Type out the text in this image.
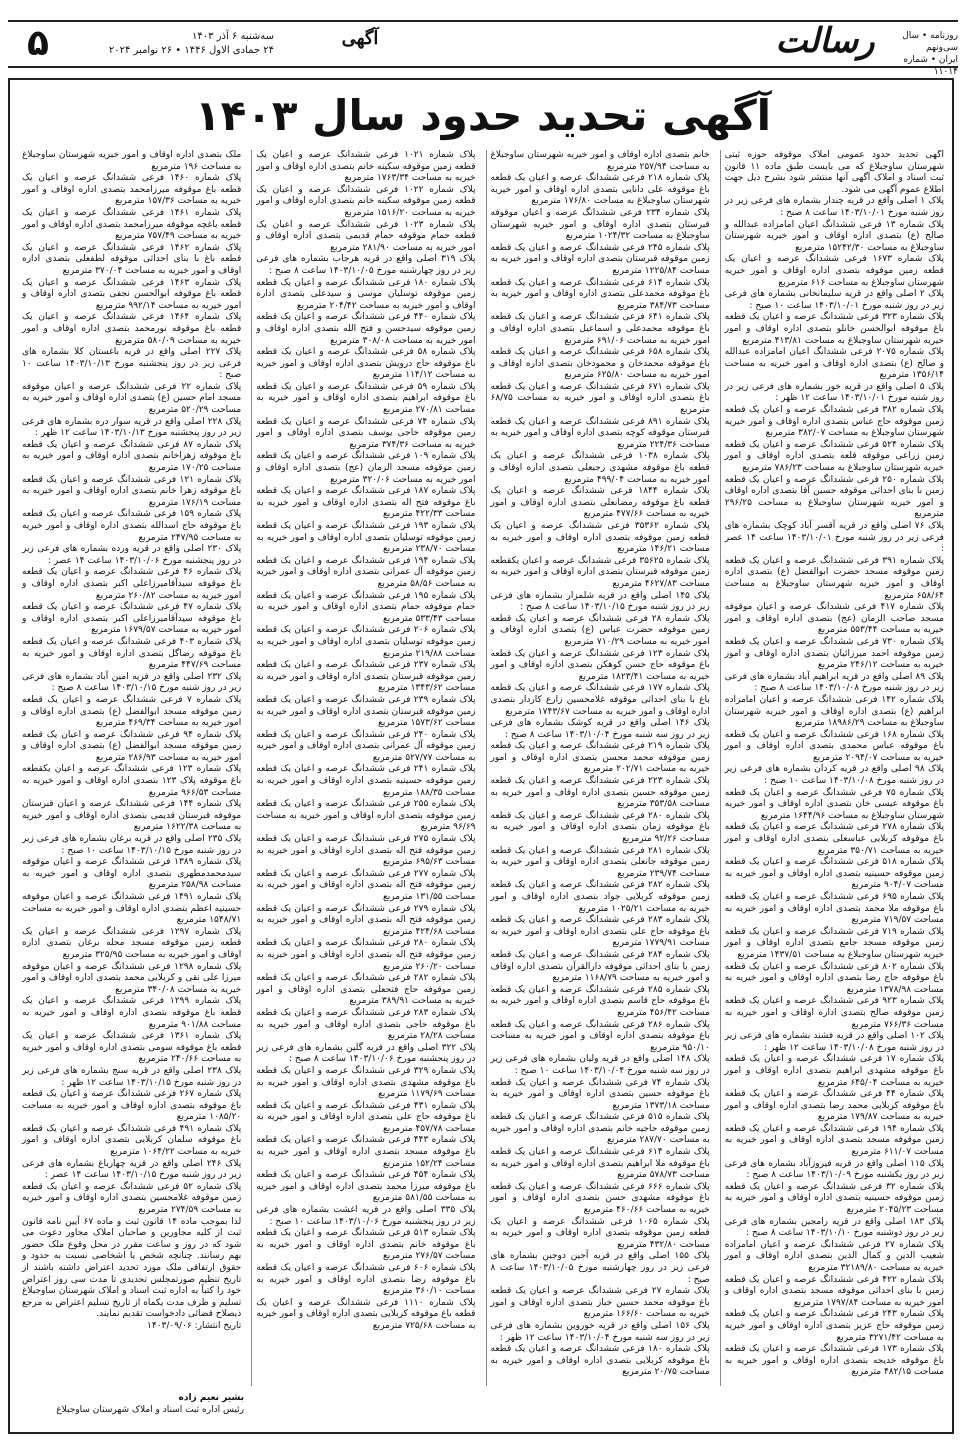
۵	سه‌شنبه ۶ آذر ۱۴۰۳
۲۴ جمادی الاول ۱۴۴۶ • ۲۶ نوامبر ۲۰۲۴
آگهی	رسالت	روزنامه • سال سی‌ونهم
ایران • شماره ۱۱۰۱۴
آگهی تحدید حدود سال ۱۴۰۳

آگهی تحدید حدود عمومی املاک موقوفه حوزه ثبتی شهرستان ساوجبلاغ که می بایست طبق ماده ۱۱ قانون ثبت اسناد و املاک آگهی آنها منتشر شود بشرح ذیل جهت اطلاع عموم آگهی می شود.

پلاک ۱ اصلی واقع در قریه چندار بشماره های فرعی زیر در روز شنبه مورخ ۱۴۰۳/۱۰/۰۱ ساعت ۸ صبح :

پلاک شماره ۱۳ فرعی ششدانگ اعیان امامزاده عبدالله و صالح (ع) بتصدی اداره اوقاف و امور خیریه شهرستان ساوجبلاغ به مساحت ۱۵۲۴۲/۳۰ مترمربع

پلاک شماره ۱۶۷۳ فرعی ششدانگ عرصه و اعیان یک قطعه زمین موقوفه بتصدی اداره اوقاف و امور خیریه شهرستان ساوجبلاغ به مساحت ۶۱۶ مترمربع

پلاک ۲ اصلی واقع در قریه سلیمانخانی بشماره های فرعی زیر در روز شنبه مورخ ۱۴۰۳/۱۰/۰۱ ساعت ۱۰ صبح :

پلاک شماره ۳۲۳ فرعی ششدانگ عرصه و اعیان یک قطعه باغ موقوفه ابوالحسن خانلو بتصدی اداره اوقاف و امور خیریه شهرستان ساوجبلاغ به مساحت ۴۱۳/۸۱ مترمربع

پلاک شماره ۲۰۷۵ فرعی ششدانگ اعیان امامزاده عبدالله و صالح (ع) بتصدی اداره اوقاف و امور خیریه به مساحت ۱۳۵۶/۱۴ مترمربع

پلاک ۵ اصلی واقع در قریه خور بشماره های فرعی زیر در روز شنبه مورخ ۱۴۰۳/۱۰/۰۱ ساعت ۱۲ ظهر :

پلاک شماره ۳۸۲ فرعی ششدانگ عرصه و اعیان یک قطعه زمین موقوفه حاج عباس بتصدی اداره اوقاف و امور خیریه شهرستان ساوجبلاغ به مساحت ۳۸۲/۰۷ مترمربع

پلاک شماره ۵۲۴ فرعی ششدانگ عرصه و اعیان یک قطعه زمین زراعی موقوفه قلعه بتصدی اداره اوقاف و امور خیریه شهرستان ساوجبلاغ به مساحت ۷۸۶/۲۳ مترمربع

پلاک شماره ۲۵۰ فرعی ششدانگ عرصه و اعیان یک قطعه زمین با بنای احداثی موقوفه حسین آقا بتصدی اداره اوقاف و امور خیریه شهرستان ساوجبلاغ به مساحت ۲۹۶/۲۵ مترمربع

پلاک ۷۶ اصلی واقع در قریه آقسر آباد کوچک بشماره های فرعی زیر در روز شنبه مورخ ۱۴۰۳/۱۰/۰۱ ساعت ۱۴ عصر :

پلاک شماره ۳۹۱ فرعی ششدانگ عرصه و اعیان یک قطعه زمین موقوفه مسجد حضرت ابوالفضل (ع) بتصدی اداره اوقاف و امور خیریه شهرستان ساوجبلاغ به مساحت ۶۵۸/۶۴ مترمربع

پلاک شماره ۴۱۷ فرعی ششدانگ عرصه و اعیان موقوفه مسجد صاحب الزمان (عج) بتصدی اداره اوقاف و امور خیریه به مساحت ۵۵۳/۴۴ مترمربع

پلاک شماره ۷۳۰ فرعی ششدانگ عرصه و اعیان یک قطعه زمین موقوفه احمد میرزائیان بتصدی اداره اوقاف و امور خیریه به مساحت ۲۴۶/۱۲ مترمربع

پلاک ۸۹ اصلی واقع در قریه ابراهیم آباد بشماره های فرعی زیر در روز شنبه مورخ ۱۴۰۳/۱۰/۰۸ ساعت ۸ صبح :

پلاک شماره ۱۴۲ فرعی ششدانگ عرصه و اعیان امامزاده ابراهیم (ع) بتصدی اداره اوقاف و امور خیریه شهرستان ساوجبلاغ به مساحت ۱۸۹۸۶/۲۹ مترمربع

پلاک شماره ۱۶۸ فرعی ششدانگ عرصه و اعیان یک قطعه باغ موقوفه عباس محمدی بتصدی اداره اوقاف و امور خیریه به مساحت ۲۰۹۴/۰۷ مترمربع

پلاک ۹۸ اصلی واقع در قریه کردان بشماره های فرعی زیر در روز شنبه مورخ ۱۴۰۳/۱۰/۰۸ ساعت ۱۰ صبح :

پلاک شماره ۷۵ فرعی ششدانگ عرصه و اعیان یک قطعه باغ موقوفه عیسی خان بتصدی اداره اوقاف و امور خیریه شهرستان ساوجبلاغ به مساحت ۱۶۴۴/۹۶ مترمربع

پلاک شماره ۲۷۸ فرعی ششدانگ عرصه و اعیان یک قطعه باغ موقوفه کربلایی عباسعلی بتصدی اداره اوقاف و امور خیریه به مساحت ۳۵۰/۷۱ مترمربع

پلاک شماره ۵۱۸ فرعی ششدانگ عرصه و اعیان یک قطعه زمین موقوفه حسینیه بتصدی اداره اوقاف و امور خیریه به مساحت ۹۰۴/۰۷ مترمربع

پلاک شماره ۶۹۵ فرعی ششدانگ عرصه و اعیان یک قطعه باغ موقوفه ملا محمد بتصدی اداره اوقاف و امور خیریه به مساحت ۷۱۹/۵۷ مترمربع

پلاک شماره ۷۱۹ فرعی ششدانگ عرصه و اعیان یک قطعه زمین موقوفه مسجد جامع بتصدی اداره اوقاف و امور خیریه شهرستان ساوجبلاغ به مساحت ۱۴۳۷/۵۱ مترمربع

پلاک شماره ۸۰۲ فرعی ششدانگ عرصه و اعیان یک قطعه باغ موقوفه حاج رضا بتصدی اداره اوقاف و امور خیریه به مساحت ۱۳۷۸/۹۸ مترمربع

پلاک شماره ۹۲۳ فرعی ششدانگ عرصه و اعیان یک قطعه زمین موقوفه صالح بتصدی اداره اوقاف و امور خیریه به مساحت ۷۶۶/۳۶ مترمربع

پلاک ۱۰۲ اصلی واقع در قریه فشند بشماره های فرعی زیر در روز شنبه مورخ ۱۴۰۳/۱۰/۰۸ ساعت ۱۲ ظهر :

پلاک شماره ۱۷ فرعی ششدانگ عرصه و اعیان یک قطعه باغ موقوفه مشهدی ابراهیم بتصدی اداره اوقاف و امور خیریه به مساحت ۶۴۵/۰۴ مترمربع

پلاک شماره ۴۴ فرعی ششدانگ عرصه و اعیان یک قطعه باغ موقوفه کربلایی محمد رضا بتصدی اداره اوقاف و امور خیریه به مساحت ۱۷۹/۸۷ مترمربع

پلاک شماره ۱۹۴ فرعی ششدانگ عرصه و اعیان یک قطعه زمین موقوفه مسجد بتصدی اداره اوقاف و امور خیریه به مساحت ۶۱۱/۰۷ مترمربع

پلاک ۱۱۵ اصلی واقع در قریه فیروزآباد بشماره های فرعی زیر در روز یکشنبه مورخ ۱۴۰۳/۱۰/۰۹ ساعت ۸ صبح :

پلاک شماره ۳۲ فرعی ششدانگ عرصه و اعیان یک قطعه زمین موقوفه حسینیه بتصدی اداره اوقاف و امور خیریه به مساحت ۲۰۴۵/۲۳ مترمربع

پلاک ۱۸۳ اصلی واقع در قریه رامجین بشماره های فرعی زیر در روز دوشنبه مورخ ۱۴۰۳/۱۰/۱۰ ساعت ۸ صبح :

پلاک شماره ۲۷ فرعی ششدانگ عرصه و اعیان امامزاده شعیب الدین و کمال الدین بتصدی اداره اوقاف و امور خیریه به مساحت ۳۲۱۸۹/۸۰ مترمربع

پلاک شماره ۴۲۲ فرعی ششدانگ عرصه و اعیان یک قطعه زمین با بنای احداثی موقوفه مسجد بتصدی اداره اوقاف و امور خیریه به مساحت ۱۷۹۷/۸۴ مترمربع

پلاک شماره ۲۴۳ فرعی ششدانگ عرصه و اعیان یک قطعه زمین موقوفه حاج عزیز بتصدی اداره اوقاف و امور خیریه به مساحت ۳۲۷۱/۴۲ مترمربع

پلاک شماره ۱۷۳ فرعی ششدانگ عرصه و اعیان یک قطعه باغ موقوفه خدیجه بتصدی اداره اوقاف و امور خیریه به مساحت ۴۸۲/۱۵ مترمربع

خانم بتصدی اداره اوقاف و امور خیریه شهرستان ساوجبلاغ به مساحت ۲۵۷/۹۴ مترمربع

پلاک شماره ۲۱۸ فرعی ششدانگ عرصه و اعیان یک قطعه باغ موقوفه علی دانایی بتصدی اداره اوقاف و امور خیریه شهرستان ساوجبلاغ به مساحت ۱۷۶/۸۰ مترمربع

پلاک شماره ۲۳۴ فرعی ششدانگ عرصه و اعیان موقوفه قبرستان بتصدی اداره اوقاف و امور خیریه شهرستان ساوجبلاغ به مساحت ۱۰۲۴/۳۲ مترمربع

پلاک شماره ۲۴۵ فرعی ششدانگ عرصه و اعیان یک قطعه زمین موقوفه قبرستان بتصدی اداره اوقاف و امور خیریه به مساحت ۱۲۲۵/۸۴ مترمربع

پلاک شماره ۶۱۴ فرعی ششدانگ عرصه و اعیان یک قطعه باغ موقوفه محمدعلی بتصدی اداره اوقاف و امور خیریه به مساحت ۳۸۴/۷۳ مترمربع

پلاک شماره ۶۴۱ فرعی ششدانگ عرصه و اعیان یک قطعه باغ موقوفه محمدعلی و اسماعیل بتصدی اداره اوقاف و امور خیریه به مساحت ۶۹۱/۰۶ مترمربع

پلاک شماره ۶۵۸ فرعی ششدانگ عرصه و اعیان یک قطعه باغ موقوفه محمدخان و محمودخان بتصدی اداره اوقاف و امور خیریه به مساحت ۶۲۵/۸۰ مترمربع

پلاک شماره ۶۷۱ فرعی ششدانگ عرصه و اعیان یک قطعه باغ بتصدی اداره اوقاف و امور خیریه به مساحت ۶۸/۷۵ مترمربع

پلاک شماره ۸۹۱ فرعی ششدانگ عرصه و اعیان یک قطعه قبرستان موقوفه کوچه بتصدی اداره اوقاف و امور خیریه به مساحت ۲۲۴/۳۶ مترمربع

پلاک شماره ۱۰۳۸ فرعی ششدانگ عرصه و اعیان یک قطعه باغ موقوفه مشهدی رجبعلی بتصدی اداره اوقاف و امور خیریه به مساحت ۴۹۹/۰۴ مترمربع

پلاک شماره ۱۸۴۴ فرعی ششدانگ عرصه و اعیان یک قطعه باغ موقوفه رمضانعلی بتصدی اداره اوقاف و امور خیریه به مساحت ۴۷۷/۶۶ مترمربع

پلاک شماره ۳۵۳۶۲ فرعی ششدانگ عرصه و اعیان یک قطعه زمین موقوفه بتصدی اداره اوقاف و امور خیریه به مساحت ۱۴۶/۲۱ مترمربع

پلاک شماره ۳۵۶۲۵ فرعی ششدانگ عرصه و اعیان یکقطعه زمین موقوفه قبرستان بتصدی اداره اوقاف و امور خیریه به مساحت ۴۶۲۷/۸۳ مترمربع

پلاک ۱۴۵ اصلی واقع در قریه شلمزار بشماره های فرعی زیر در روز شنبه مورخ ۱۴۰۳/۱۰/۱۵ ساعت ۸ صبح :

پلاک شماره ۲۸ فرعی ششدانگ عرصه و اعیان یک قطعه زمین موقوفه حضرت عباس (ع) بتصدی اداره اوقاف و امور خیریه به مساحت ۷۱۰/۲۹ مترمربع

پلاک شماره ۱۲۳ فرعی ششدانگ عرصه و اعیان یک قطعه باغ موقوفه حاج حسن کوهکن بتصدی اداره اوقاف و امور خیریه به مساحت ۱۸۲۳/۴۱ مترمربع

پلاک شماره ۱۷۷ فرعی ششدانگ عرصه و اعیان یک قطعه باغ با بنای احداثی موقوفه غلامحسین زارع کاردار بتصدی اداره اوقاف و امور خیریه به مساحت ۱۷۴۳/۶۷ مترمربع

پلاک ۱۴۶ اصلی واقع در قریه کوشک بشماره های فرعی زیر در روز سه شنبه مورخ ۱۴۰۳/۱۰/۰۴ ساعت ۸ صبح :

پلاک شماره ۲۱۹ فرعی ششدانگ عرصه و اعیان یک قطعه زمین موقوفه محمد محسن بتصدی اداره اوقاف و امور خیریه به مساحت ۲۰۲/۷۱ مترمربع

پلاک شماره ۲۲۳ فرعی ششدانگ عرصه و اعیان یک قطعه زمین موقوفه حسین بتصدی اداره اوقاف و امور خیریه به مساحت ۳۵۳/۵۸ مترمربع

پلاک شماره ۲۸۰ فرعی ششدانگ عرصه و اعیان یک قطعه باغ موقوفه زمان بتصدی اداره اوقاف و امور خیریه به مساحت ۹۲/۲۶ مترمربع

پلاک شماره ۲۸۱ فرعی ششدانگ عرصه و اعیان یک قطعه زمین موقوفه جانعلی بتصدی اداره اوقاف و امور خیریه به مساحت ۲۳۹/۷۴ مترمربع

پلاک شماره ۲۸۲ فرعی ششدانگ عرصه و اعیان یک قطعه زمین موقوفه کربلایی جواد بتصدی اداره اوقاف و امور خیریه به مساحت ۱۰۲۵/۲۱ مترمربع

پلاک شماره ۲۸۳ فرعی ششدانگ عرصه و اعیان یک قطعه باغ موقوفه حاج علی بتصدی اداره اوقاف و امور خیریه به مساحت ۱۷۷۹/۹۱ مترمربع

پلاک شماره ۲۸۴ فرعی ششدانگ عرصه و اعیان یک قطعه زمین با بنای احداثی موقوفه دارالقرآن بتصدی اداره اوقاف و امور خیریه به مساحت ۱۱۶۸/۷۹ مترمربع

پلاک شماره ۲۸۵ فرعی ششدانگ عرصه و اعیان یک قطعه باغ موقوفه حاج قاسم بتصدی اداره اوقاف و امور خیریه به مساحت ۴۵۶/۴۲ مترمربع

پلاک شماره ۲۸۶ فرعی ششدانگ عرصه و اعیان یک قطعه باغ موقوفه بتصدی اداره اوقاف و امور خیریه به مساحت ۹۵۰/۱۰ مترمربع

پلاک ۱۴۸ اصلی واقع در قریه ولیان بشماره های فرعی زیر در روز سه شنبه مورخ ۱۴۰۳/۱۰/۰۴ ساعت ۱۰ صبح :

پلاک شماره ۷۴ فرعی ششدانگ عرصه و اعیان یک قطعه باغ موقوفه حسین بتصدی اداره اوقاف و امور خیریه به مساحت ۱۳۷۳/۱۸ مترمربع

پلاک شماره ۵۱۵ فرعی ششدانگ عرصه و اعیان یک قطعه زمین موقوفه حاجیه خانم بتصدی اداره اوقاف و امور خیریه به مساحت ۲۸۷/۷۰ مترمربع

پلاک شماره ۶۱۴ فرعی ششدانگ عرصه و اعیان یک قطعه باغ موقوفه ملا ابراهیم بتصدی اداره اوقاف و امور خیریه به مساحت ۵۷۸/۷۳ مترمربع

پلاک شماره ۶۶۶ فرعی ششدانگ عرصه و اعیان یک قطعه باغ موقوفه مشهدی حسن بتصدی اداره اوقاف و امور خیریه به مساحت ۴۶۰/۶۶ مترمربع

پلاک شماره ۱۰۶۵ فرعی ششدانگ عرصه و اعیان یک قطعه زمین موقوفه بتصدی اداره اوقاف و امور خیریه به مساحت ۴۳۲/۸۰ مترمربع

پلاک ۱۵۵ اصلی واقع در قریه آجین دوجین بشماره های فرعی زیر در روز چهارشنبه مورخ ۱۴۰۳/۱۰/۰۵ ساعت ۸ صبح :

پلاک شماره ۲۷ فرعی ششدانگ عرصه و اعیان یک قطعه باغ موقوفه محمد حسین خباز بتصدی اداره اوقاف و امور خیریه به مساحت ۱۶۶/۶۰ مترمربع

پلاک ۱۵۶ اصلی واقع در قریه خوروین بشماره های فرعی زیر در روز سه شنبه مورخ ۱۴۰۳/۱۰/۰۴ ساعت ۱۲ ظهر :

پلاک شماره ۱۸۰ فرعی ششدانگ عرصه و اعیان یک قطعه باغ موقوفه کربلایی بتصدی اداره اوقاف و امور خیریه به مساحت ۲۰/۷۵ مترمربع

پلاک شماره ۱۰۲۱ فرعی ششدانگ عرصه و اعیان یک قطعه زمین موقوفه سکینه خانم بتصدی اداره اوقاف و امور خیریه به مساحت ۱۷۶۳/۳۴ مترمربع

پلاک شماره ۱۰۲۲ فرعی ششدانگ عرصه و اعیان یک قطعه زمین موقوفه سکینه خانم بتصدی اداره اوقاف و امور خیریه به مساحت ۱۵۱۶/۲۰ مترمربع

پلاک شماره ۱۰۲۳ فرعی ششدانگ عرصه و اعیان یک قطعه حمام موقوفه حمام قدیمی بتصدی اداره اوقاف و امور خیریه به مساحت ۲۸۱/۹۰ مترمربع

پلاک ۳۱۹ اصلی واقع در قریه هرجاب بشماره های فرعی زیر در روز چهارشنبه مورخ ۱۴۰۳/۱۰/۰۵ ساعت ۸ صبح :

پلاک شماره ۱۸۰ فرعی ششدانگ عرصه و اعیان یک قطعه زمین موقوفه توسلیان موسی و سیدعلی بتصدی اداره اوقاف و امور خیریه به مساحت ۲۰۴/۴۲ مترمربع

پلاک شماره ۴۴۰ فرعی ششدانگ عرصه و اعیان یک قطعه زمین موقوفه سیدحسن و فتح الله بتصدی اداره اوقاف و امور خیریه به مساحت ۳۰۸/۰۸ مترمربع

پلاک شماره ۵۸ فرعی ششدانگ عرصه و اعیان یک قطعه باغ موقوفه حاج درویش بتصدی اداره اوقاف و امور خیریه به مساحت ۱۱۴/۱۲ مترمربع

پلاک شماره ۵۹ فرعی ششدانگ عرصه و اعیان یک قطعه باغ موقوفه ابراهیم بتصدی اداره اوقاف و امور خیریه به مساحت ۲۷۰/۸۱ مترمربع

پلاک شماره ۷۴ فرعی ششدانگ عرصه و اعیان یک قطعه زمین موقوفه حاجی یوسف بتصدی اداره اوقاف و امور خیریه به مساحت ۳۷۴/۳۶ مترمربع

پلاک شماره ۱۰۹ فرعی ششدانگ عرصه و اعیان یک قطعه زمین موقوفه مسجد الزمان (عج) بتصدی اداره اوقاف و امور خیریه به مساحت ۳۲۰/۰۶ مترمربع

پلاک شماره ۱۸۷ فرعی ششدانگ عرصه و اعیان یک قطعه باغ موقوفه فتح اله بتصدی اداره اوقاف و امور خیریه به مساحت ۴۲۲/۳۳ مترمربع

پلاک شماره ۱۹۳ فرعی ششدانگ عرصه و اعیان یک قطعه زمین موقوفه توسلیان بتصدی اداره اوقاف و امور خیریه به مساحت ۲۳۸/۷۰ مترمربع

پلاک شماره ۱۹۴ فرعی ششدانگ عرصه و اعیان یک قطعه زمین موقوفه آل عمرانی بتصدی اداره اوقاف و امور خیریه به مساحت ۵۸/۵۶ مترمربع

پلاک شماره ۱۹۵ فرعی ششدانگ عرصه و اعیان یک قطعه حمام موقوفه حمام بتصدی اداره اوقاف و امور خیریه به مساحت ۵۳۳/۴۳ مترمربع

پلاک شماره ۲۰۶ فرعی ششدانگ عرصه و اعیان یک قطعه زمین موقوفه توسلیان بتصدی اداره اوقاف و امور خیریه به مساحت ۲۱۹/۸۸ مترمربع

پلاک شماره ۲۳۷ فرعی ششدانگ عرصه و اعیان یک قطعه زمین موقوفه قبرستان بتصدی اداره اوقاف و امور خیریه به مساحت ۱۳۴۳/۶۲ مترمربع

پلاک شماره ۲۳۹ فرعی ششدانگ عرصه و اعیان یک قطعه زمین موقوفه قبرستان بتصدی اداره اوقاف و امور خیریه به مساحت ۱۵۷۳/۶۲ مترمربع

پلاک شماره ۲۴۰ فرعی ششدانگ عرصه و اعیان یک قطعه زمین موقوفه آل عمرانی بتصدی اداره اوقاف و امور خیریه به مساحت ۵۲۷/۷۷ مترمربع

پلاک شماره ۲۴۱ فرعی ششدانگ عرصه و اعیان یک قطعه زمین موقوفه حسینیه بتصدی اداره اوقاف و امور خیریه به مساحت ۱۸۸/۳۵ مترمربع

پلاک شماره ۲۵۵ فرعی ششدانگ عرصه و اعیان یک قطعه زمین موقوفه بتصدی اداره اوقاف و امور خیریه به مساحت ۹۶/۶۹ مترمربع

پلاک شماره ۲۷۵ فرعی ششدانگ عرصه و اعیان یک قطعه زمین موقوفه فتح اله بتصدی اداره اوقاف و امور خیریه به مساحت ۶۹۵/۶۳ مترمربع

پلاک شماره ۲۷۷ فرعی ششدانگ عرصه و اعیان یک قطعه زمین موقوفه فتح اله بتصدی اداره اوقاف و امور خیریه به مساحت ۱۳۱/۵۵ مترمربع

پلاک شماره ۲۷۹ فرعی ششدانگ عرصه و اعیان یک قطعه زمین موقوفه فتح اله بتصدی اداره اوقاف و امور خیریه به مساحت ۴۲۴/۶۸ مترمربع

پلاک شماره ۲۸۰ فرعی ششدانگ عرصه و اعیان یک قطعه زمین موقوفه فتح اله بتصدی اداره اوقاف و امور خیریه به مساحت ۲۶۰/۲۰ مترمربع

پلاک شماره ۲۸۲ فرعی ششدانگ عرصه و اعیان یک قطعه زمین موقوفه حاج فتحعلی بتصدی اداره اوقاف و امور خیریه به مساحت ۳۸۹/۹۱ مترمربع

پلاک شماره ۲۸۳ فرعی ششدانگ عرصه و اعیان یک قطعه باغ موقوفه حاجی بتصدی اداره اوقاف و امور خیریه به مساحت ۲۸/۲۸ مترمربع

پلاک ۳۲۲ اصلی واقع در قریه گلین بشماره های فرعی زیر در روز پنجشنبه مورخ ۱۴۰۳/۱۰/۰۶ ساعت ۸ صبح :

پلاک شماره ۳۲۹ فرعی ششدانگ عرصه و اعیان یک قطعه باغ موقوفه مشهدی بتصدی اداره اوقاف و امور خیریه به مساحت ۱۱۷۹/۶۹ مترمربع

پلاک شماره ۴۳۱ فرعی ششدانگ عرصه و اعیان یک قطعه باغ موقوفه حاج علی بتصدی اداره اوقاف و امور خیریه به مساحت ۴۵۷/۷۸ مترمربع

پلاک شماره ۴۴۳ فرعی ششدانگ عرصه و اعیان یک قطعه باغ موقوفه مسجد بتصدی اداره اوقاف و امور خیریه به مساحت ۱۵۲/۲۴ مترمربع

پلاک شماره ۴۵۴ فرعی ششدانگ عرصه و اعیان یک قطعه باغ موقوفه میرزا محمد بتصدی اداره اوقاف و امور خیریه به مساحت ۵۸۱/۵۵ مترمربع

پلاک ۳۳۵ اصلی واقع در قریه اغشت بشماره های فرعی زیر در روز پنجشنبه مورخ ۱۴۰۳/۱۰/۰۶ ساعت ۱۰ صبح :

پلاک شماره ۵۱۳ فرعی ششدانگ عرصه و اعیان یک قطعه باغ موقوفه خانم بتصدی اداره اوقاف و امور خیریه به مساحت ۲۷۶/۵۷ مترمربع

پلاک شماره ۶۰۶ فرعی ششدانگ عرصه و اعیان یک قطعه باغ موقوفه رضا بتصدی اداره اوقاف و امور خیریه به مساحت ۳۶۰/۱۰ مترمربع

پلاک شماره ۱۱۱۰ فرعی ششدانگ عرصه و اعیان یک قطعه باغ موقوفه کربلایی بتصدی اداره اوقاف و امور خیریه به مساحت ۷۲۵/۶۸ مترمربع

ملک بتصدی اداره اوقاف و امور خیریه شهرستان ساوجبلاغ به مساحت ۱۹۶ مترمربع

پلاک شماره ۱۴۶۰ فرعی ششدانگ عرصه و اعیان یک قطعه باغ موقوفه میرزامحمد بتصدی اداره اوقاف و امور خیریه به مساحت ۱۵۷/۳۶ مترمربع

پلاک شماره ۱۴۶۱ فرعی ششدانگ عرصه و اعیان یک قطعه باغچه موقوفه میرزامحمد بتصدی اداره اوقاف و امور خیریه به مساحت ۷۵۷/۴۹ مترمربع

پلاک شماره ۱۴۶۲ فرعی ششدانگ عرصه و اعیان یک قطعه باغ با بنای احداثی موقوفه لطفعلی بتصدی اداره اوقاف و امور خیریه به مساحت ۳۷۰/۰۴ مترمربع

پلاک شماره ۱۴۶۳ فرعی ششدانگ عرصه و اعیان یک قطعه باغ موقوفه ابوالحسن نجفی بتصدی اداره اوقاف و امور خیریه به مساحت ۹۹۲/۱۴ مترمربع

پلاک شماره ۱۴۶۴ فرعی ششدانگ عرصه و اعیان یک قطعه باغ موقوفه نورمحمد بتصدی اداره اوقاف و امور خیریه به مساحت ۵۸۰/۰۹ مترمربع

پلاک ۲۲۷ اصلی واقع در قریه باغستان کلا بشماره های فرعی زیر در روز پنجشنبه مورخ ۱۴۰۳/۱۰/۱۳ ساعت ۱۰ صبح :

پلاک شماره ۲۲ فرعی ششدانگ عرصه و اعیان موقوفه مسجد امام حسین (ع) بتصدی اداره اوقاف و امور خیریه به مساحت ۵۲۰/۲۹ مترمربع

پلاک ۲۲۸ اصلی واقع در قریه سوار دره بشماره های فرعی زیر در روز پنجشنبه مورخ ۱۴۰۳/۱۰/۱۳ ساعت ۱۲ ظهر :

پلاک شماره ۸۷ فرعی ششدانگ عرصه و اعیان یک قطعه باغ موقوفه زهراخانم بتصدی اداره اوقاف و امور خیریه به مساحت ۱۷۰/۲۵ مترمربع

پلاک شماره ۱۲۱ فرعی ششدانگ عرصه و اعیان یک قطعه باغ موقوفه زهرا خانم بتصدی اداره اوقاف و امور خیریه به مساحت ۱۷۶/۱۹ مترمربع

پلاک شماره ۱۵۹ فرعی ششدانگ عرصه و اعیان یک قطعه باغ موقوفه حاج اسدالله بتصدی اداره اوقاف و امور خیریه به مساحت ۲۴۷/۹۵ مترمربع

پلاک ۲۳۰ اصلی واقع در قریه ورده بشماره های فرعی زیر در روز پنجشنبه مورخ ۱۴۰۳/۱۰/۰۶ ساعت ۱۴ عصر :

پلاک شماره ۴۶ فرعی ششدانگ عرصه و اعیان یک قطعه باغ موقوفه سیدآقامیرزاعلی اکبر بتصدی اداره اوقاف و امور خیریه به مساحت ۲۶۰/۸۲ مترمربع

پلاک شماره ۴۷ فرعی ششدانگ عرصه و اعیان یک قطعه باغ موقوفه سیدآقامیرزاعلی اکبر بتصدی اداره اوقاف و امور خیریه به مساحت ۱۶۷۹/۵۷ مترمربع

پلاک شماره ۴۰۳ فرعی ششدانگ عرصه و اعیان یک قطعه باغ موقوفه رضاگل بتصدی اداره اوقاف و امور خیریه به مساحت ۴۴۷/۶۹ مترمربع

پلاک ۲۳۲ اصلی واقع در قریه امین آباد بشماره های فرعی زیر در روز شنبه مورخ ۱۴۰۳/۱۰/۱۵ ساعت ۸ صبح :

پلاک شماره ۷ فرعی ششدانگ عرصه و اعیان یک قطعه زمین موقوفه مسجد ابوالفضل (ع) بتصدی اداره اوقاف و امور خیریه به مساحت ۴۶۹/۳۴ مترمربع

پلاک شماره ۹۴ فرعی ششدانگ عرصه و اعیان یک قطعه زمین موقوفه مسجد ابوالفضل (ع) بتصدی اداره اوقاف و امور خیریه به مساحت ۲۸۶/۹۳ مترمربع

پلاک شماره ۱۲۳ فرعی ششدانگ عرصه و اعیان یکقطعه باغ موقوفه پلاک ۱۲۳ بتصدی اداره اوقاف و امور خیریه به مساحت ۹۶۶/۵۳ مترمربع

پلاک شماره ۱۴۴ فرعی ششدانگ عرصه و اعیان قبرستان موقوفه قبرستان قدیمی بتصدی اداره اوقاف و امور خیریه به مساحت ۱۶۲۲/۳۸ مترمربع

پلاک ۲۳۵ اصلی واقع در قریه برغان بشماره های فرعی زیر در روز شنبه مورخ ۱۴۰۳/۱۰/۱۵ ساعت ۱۰ صبح :

پلاک شماره ۱۳۸۹ فرعی ششدانگ عرصه و اعیان موقوفه سیدمحمدمطهری بتصدی اداره اوقاف و امور خیریه به مساحت ۲۵۸/۹۸ مترمربع

پلاک شماره ۱۴۹۱ فرعی ششدانگ عرصه و اعیان موقوفه حسینیه اعظم بتصدی اداره اوقاف و امور خیریه به مساحت ۱۵۴۸/۷۱ مترمربع

پلاک شماره ۱۲۹۷ فرعی ششدانگ عرصه و اعیان یک قطعه زمین موقوفه مسجد محله برغان بتصدی اداره اوقاف و امور خیریه به مساحت ۳۲۵/۹۵ مترمربع

پلاک شماره ۱۲۹۸ فرعی ششدانگ عرصه و اعیان موقوفه میرزا علی نقی و کربلایی محمد بتصدی اداره اوقاف و امور خیریه به مساحت ۳۴۰/۰۸ مترمربع

پلاک شماره ۱۲۹۹ فرعی ششدانگ عرصه و اعیان یک قطعه باغ موقوفه بتصدی اداره اوقاف و امور خیریه به مساحت ۹۰۱/۸۸ مترمربع

پلاک شماره ۱۳۶۱ فرعی ششدانگ عرصه و اعیان یک قطعه باغ موقوفه سومی بتصدی اداره اوقاف و امور خیریه به مساحت ۲۴۰/۶۶ مترمربع

پلاک ۲۳۸ اصلی واقع در قریه سنج بشماره های فرعی زیر در روز شنبه مورخ ۱۴۰۳/۱۰/۱۵ ساعت ۱۲ ظهر :

پلاک شماره ۲۶۷ فرعی ششدانگ عرصه و اعیان یک قطعه باغ موقوفه بتصدی اداره اوقاف و امور خیریه به مساحت ۱۰۸۵/۲۰ مترمربع

پلاک شماره ۴۹۱ فرعی ششدانگ عرصه و اعیان یک قطعه باغ موقوفه سلمان کربلایی بتصدی اداره اوقاف و امور خیریه به مساحت ۱۰۶۴/۲۲ مترمربع

پلاک ۲۴۶ اصلی واقع در قریه چهارباغ بشماره های فرعی زیر در روز شنبه مورخ ۱۴۰۳/۱۰/۱۵ ساعت ۱۴ عصر :

پلاک شماره ۵۲ فرعی ششدانگ عرصه و اعیان یک قطعه زمین موقوفه غلامحسین بتصدی اداره اوقاف و امور خیریه به مساحت ۲۷۴/۵۹ مترمربع

لذا بموجب ماده ۱۴ قانون ثبت و ماده ۶۷ آیین نامه قانون ثبت از کلیه مجاورین و صاحبان املاک مجاور دعوت می شود که در روز و ساعت مقرر در محل وقوع ملک حضور بهم رسانند. چنانچه شخص یا اشخاصی نسبت به حدود و حقوق ارتفاقی ملک مورد تحدید اعتراض داشته باشند از تاریخ تنظیم صورتمجلس تحدیدی تا مدت سی روز اعتراض خود را کتباً به اداره ثبت اسناد و املاک شهرستان ساوجبلاغ تسلیم و ظرف مدت یکماه از تاریخ تسلیم اعتراض به مرجع ذیصلاح قضائی دادخواست تقدیم نمایند.

تاریخ انتشار: ۱۴۰۳/۰۹/۰۶

بشیر نعیم زاده
رئیس اداره ثبت اسناد و املاک شهرستان ساوجبلاغ
